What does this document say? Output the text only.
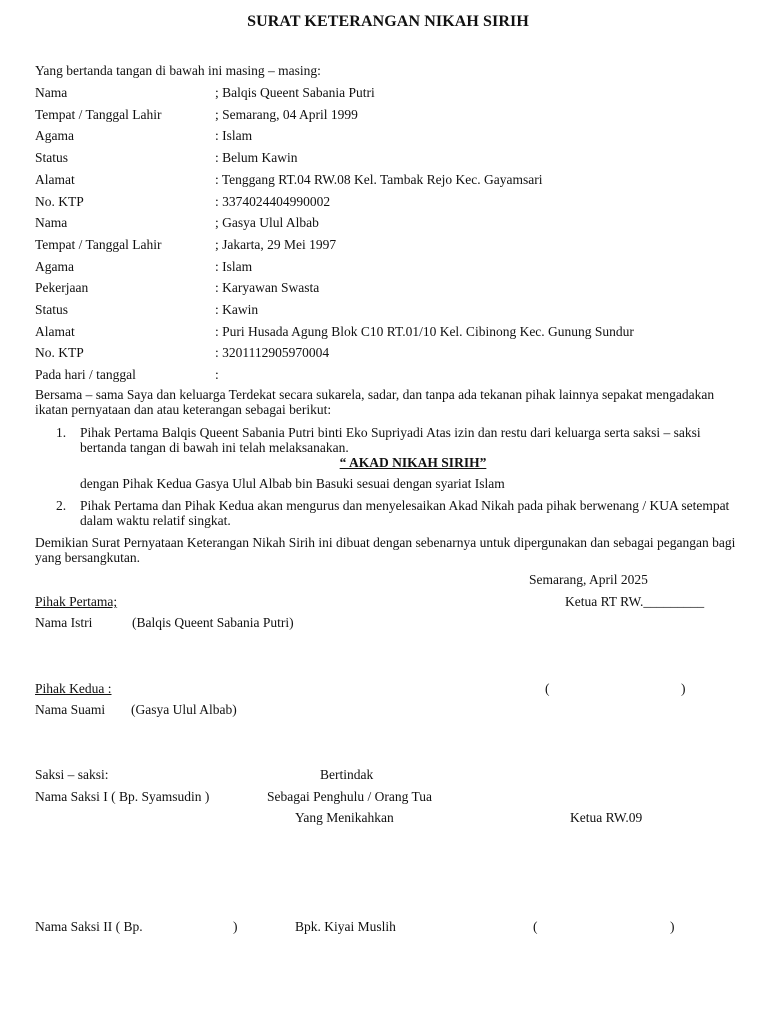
SURAT KETERANGAN NIKAH SIRIH
Yang bertanda tangan di bawah ini masing – masing:
Nama	; Balqis Queent Sabania Putri
Tempat / Tanggal Lahir	; Semarang, 04 April 1999
Agama	: Islam
Status	: Belum Kawin
Alamat	: Tenggang RT.04 RW.08 Kel. Tambak Rejo Kec. Gayamsari
No. KTP	: 3374024404990002
Nama	; Gasya Ulul Albab
Tempat / Tanggal Lahir	; Jakarta, 29 Mei 1997
Agama	: Islam
Pekerjaan	: Karyawan Swasta
Status	: Kawin
Alamat	: Puri Husada Agung Blok C10 RT.01/10 Kel. Cibinong Kec. Gunung Sundur
No. KTP	: 3201112905970004
Pada hari / tanggal	:
Bersama – sama Saya dan keluarga Terdekat secara sukarela, sadar, dan tanpa ada tekanan pihak lainnya sepakat mengadakan ikatan pernyataan dan atau keterangan sebagai berikut:
1. Pihak Pertama Balqis Queent Sabania Putri binti Eko Supriyadi Atas izin dan restu dari keluarga serta saksi – saksi bertanda tangan di bawah ini telah melaksanakan.
“ AKAD NIKAH SIRIH”
dengan Pihak Kedua Gasya Ulul Albab bin Basuki sesuai dengan syariat Islam
2. Pihak Pertama dan Pihak Kedua akan mengurus dan menyelesaikan Akad Nikah pada pihak berwenang / KUA setempat dalam waktu relatif singkat.
Demikian Surat Pernyataan Keterangan Nikah Sirih ini dibuat dengan sebenarnya untuk dipergunakan dan sebagai pegangan bagi yang bersangkutan.
Semarang, April 2025
Pihak Pertama;	Ketua RT RW._________
Nama Istri	(Balqis Queent Sabania Putri)
Pihak Kedua :	(	)
Nama Suami (Gasya Ulul Albab)
Saksi – saksi:	Bertindak
Nama Saksi I ( Bp. Syamsudin )	Sebagai Penghulu / Orang Tua
Yang Menikahkan	Ketua RW.09
Nama Saksi II ( Bp.	)	Bpk. Kiyai Muslih	(	)
